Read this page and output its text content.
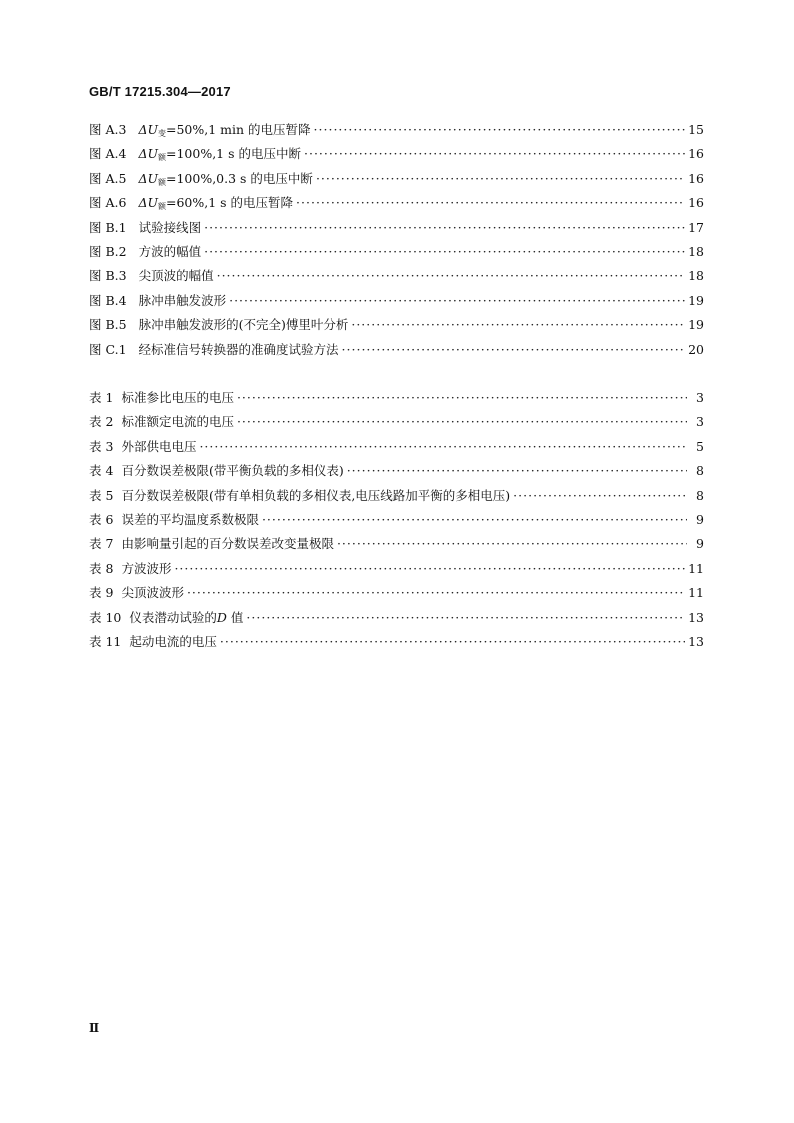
GB/T 17215.304—2017
图 A.3 $\Delta U_变=50\%,1$ min 的电压暂降 ·····	15
图 A.4 $\Delta U_额=100\%,1$ s 的电压中断 ·····	16
图 A.5 $\Delta U_额=100\%,0.3$ s 的电压中断 ·····	16
图 A.6 $\Delta U_额=60\%,1$ s 的电压暂降 ·····	16
图 B.1 试验接线图 ·····	17
图 B.2 方波的幅值 ·····	18
图 B.3 尖顶波的幅值 ·····	18
图 B.4 脉冲串触发波形 ·····	19
图 B.5 脉冲串触发波形的(不完全)傅里叶分析 ·····	19
图 C.1 经标准信号转换器的准确度试验方法 ·····	20
表 1 标准参比电压的电压 ·····	3
表 2 标准额定电流的电压 ·····	3
表 3 外部供电电压 ·····	5
表 4 百分数误差极限(带平衡负载的多相仪表) ·····	8
表 5 百分数误差极限(带有单相负载的多相仪表,电压线路加平衡的多相电压) ·····	8
表 6 误差的平均温度系数极限 ·····	9
表 7 由影响量引起的百分数误差改变量极限 ·····	9
表 8 方波波形 ·····	11
表 9 尖顶波波形 ·····	11
表 10 仪表潜动试验的D 值 ·····	13
表 11 起动电流的电压 ·····	13
Ⅱ
